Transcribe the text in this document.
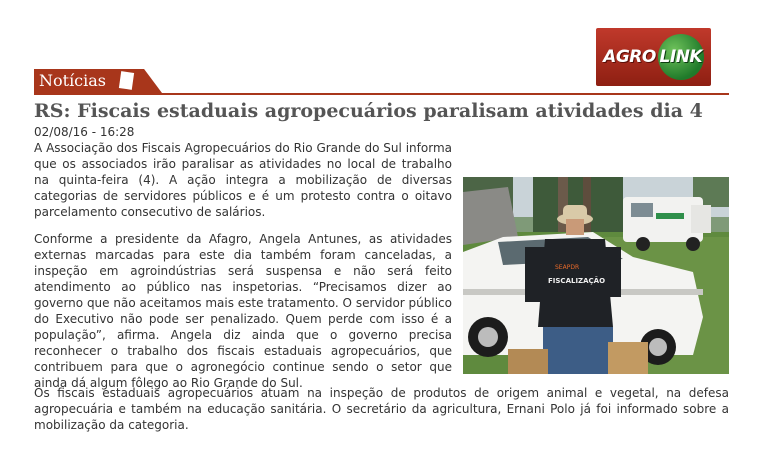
AGRO LINK
Notícias
RS: Fiscais estaduais agropecuários paralisam atividades dia 4
02/08/16 - 16:28

A Associação dos Fiscais Agropecuários do Rio Grande do Sul informa que os associados irão paralisar as atividades no local de trabalho na quinta-feira (4). A ação integra a mobilização de diversas categorias de servidores públicos e é um protesto contra o oitavo parcelamento consecutivo de salários.

Conforme a presidente da Afagro, Angela Antunes, as atividades externas marcadas para este dia também foram canceladas, a inspeção em agroindústrias será suspensa e não será feito atendimento ao público nas inspetorias. “Precisamos dizer ao governo que não aceitamos mais este tratamento. O servidor público do Executivo não pode ser penalizado. Quem perde com isso é a população”, afirma. Angela diz ainda que o governo precisa reconhecer o trabalho dos fiscais estaduais agropecuários, que contribuem para que o agronegócio continue sendo o setor que ainda dá algum fôlego ao Rio Grande do Sul.

SEAPDR
FISCALIZAÇÃO

Os fiscais estaduais agropecuários atuam na inspeção de produtos de origem animal e vegetal, na defesa agropecuária e também na educação sanitária. O secretário da agricultura, Ernani Polo já foi informado sobre a mobilização da categoria.
